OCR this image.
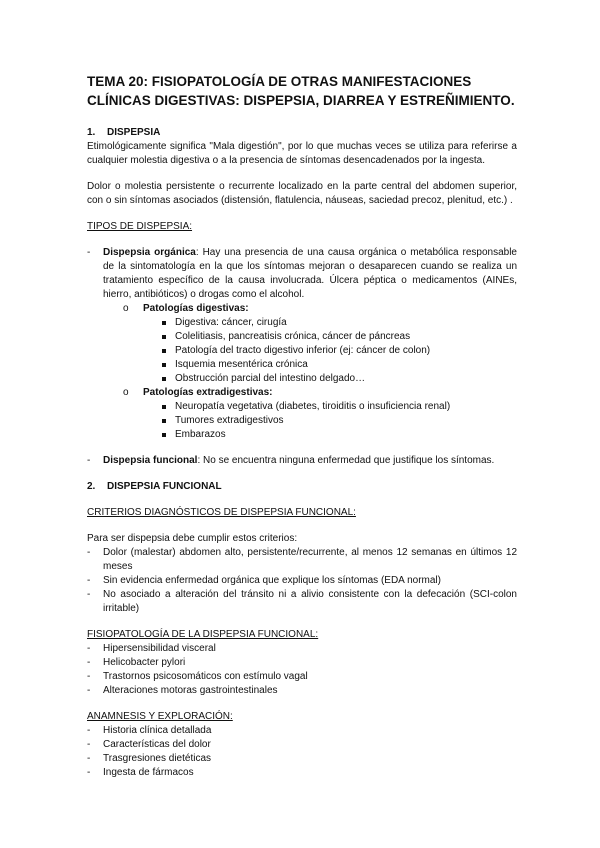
TEMA 20: FISIOPATOLOGÍA DE OTRAS MANIFESTACIONES CLÍNICAS DIGESTIVAS: DISPEPSIA, DIARREA Y ESTREÑIMIENTO.
1. DISPEPSIA

Etimológicamente significa "Mala digestión", por lo que muchas veces se utiliza para referirse a cualquier molestia digestiva o a la presencia de síntomas desencadenados por la ingesta.

Dolor o molestia persistente o recurrente localizado en la parte central del abdomen superior, con o sin síntomas asociados (distensión, flatulencia, náuseas, saciedad precoz, plenitud, etc.) .

TIPOS DE DISPEPSIA:

- Dispepsia orgánica: Hay una presencia de una causa orgánica o metabólica responsable de la sintomatología en la que los síntomas mejoran o desaparecen cuando se realiza un tratamiento específico de la causa involucrada. Úlcera péptica o medicamentos (AINEs, hierro, antibióticos) o drogas como el alcohol.
o Patologías digestivas:
Digestiva: cáncer, cirugía
Colelitiasis, pancreatisis crónica, cáncer de páncreas
Patología del tracto digestivo inferior (ej: cáncer de colon)
Isquemia mesentérica crónica
Obstrucción parcial del intestino delgado…
o Patologías extradigestivas:
Neuropatía vegetativa (diabetes, tiroiditis o insuficiencia renal)
Tumores extradigestivos
Embarazos
- Dispepsia funcional: No se encuentra ninguna enfermedad que justifique los síntomas.
2. DISPEPSIA FUNCIONAL

CRITERIOS DIAGNÓSTICOS DE DISPEPSIA FUNCIONAL:

Para ser dispepsia debe cumplir estos criterios:

- Dolor (malestar) abdomen alto, persistente/recurrente, al menos 12 semanas en últimos 12 meses
- Sin evidencia enfermedad orgánica que explique los síntomas (EDA normal)
- No asociado a alteración del tránsito ni a alivio consistente con la defecación (SCI-colon irritable)

FISIOPATOLOGÍA DE LA DISPEPSIA FUNCIONAL:

- Hipersensibilidad visceral
- Helicobacter pylori
- Trastornos psicosomáticos con estímulo vagal
- Alteraciones motoras gastrointestinales

ANAMNESIS Y EXPLORACIÓN:

- Historia clínica detallada
- Características del dolor
- Trasgresiones dietéticas
- Ingesta de fármacos
